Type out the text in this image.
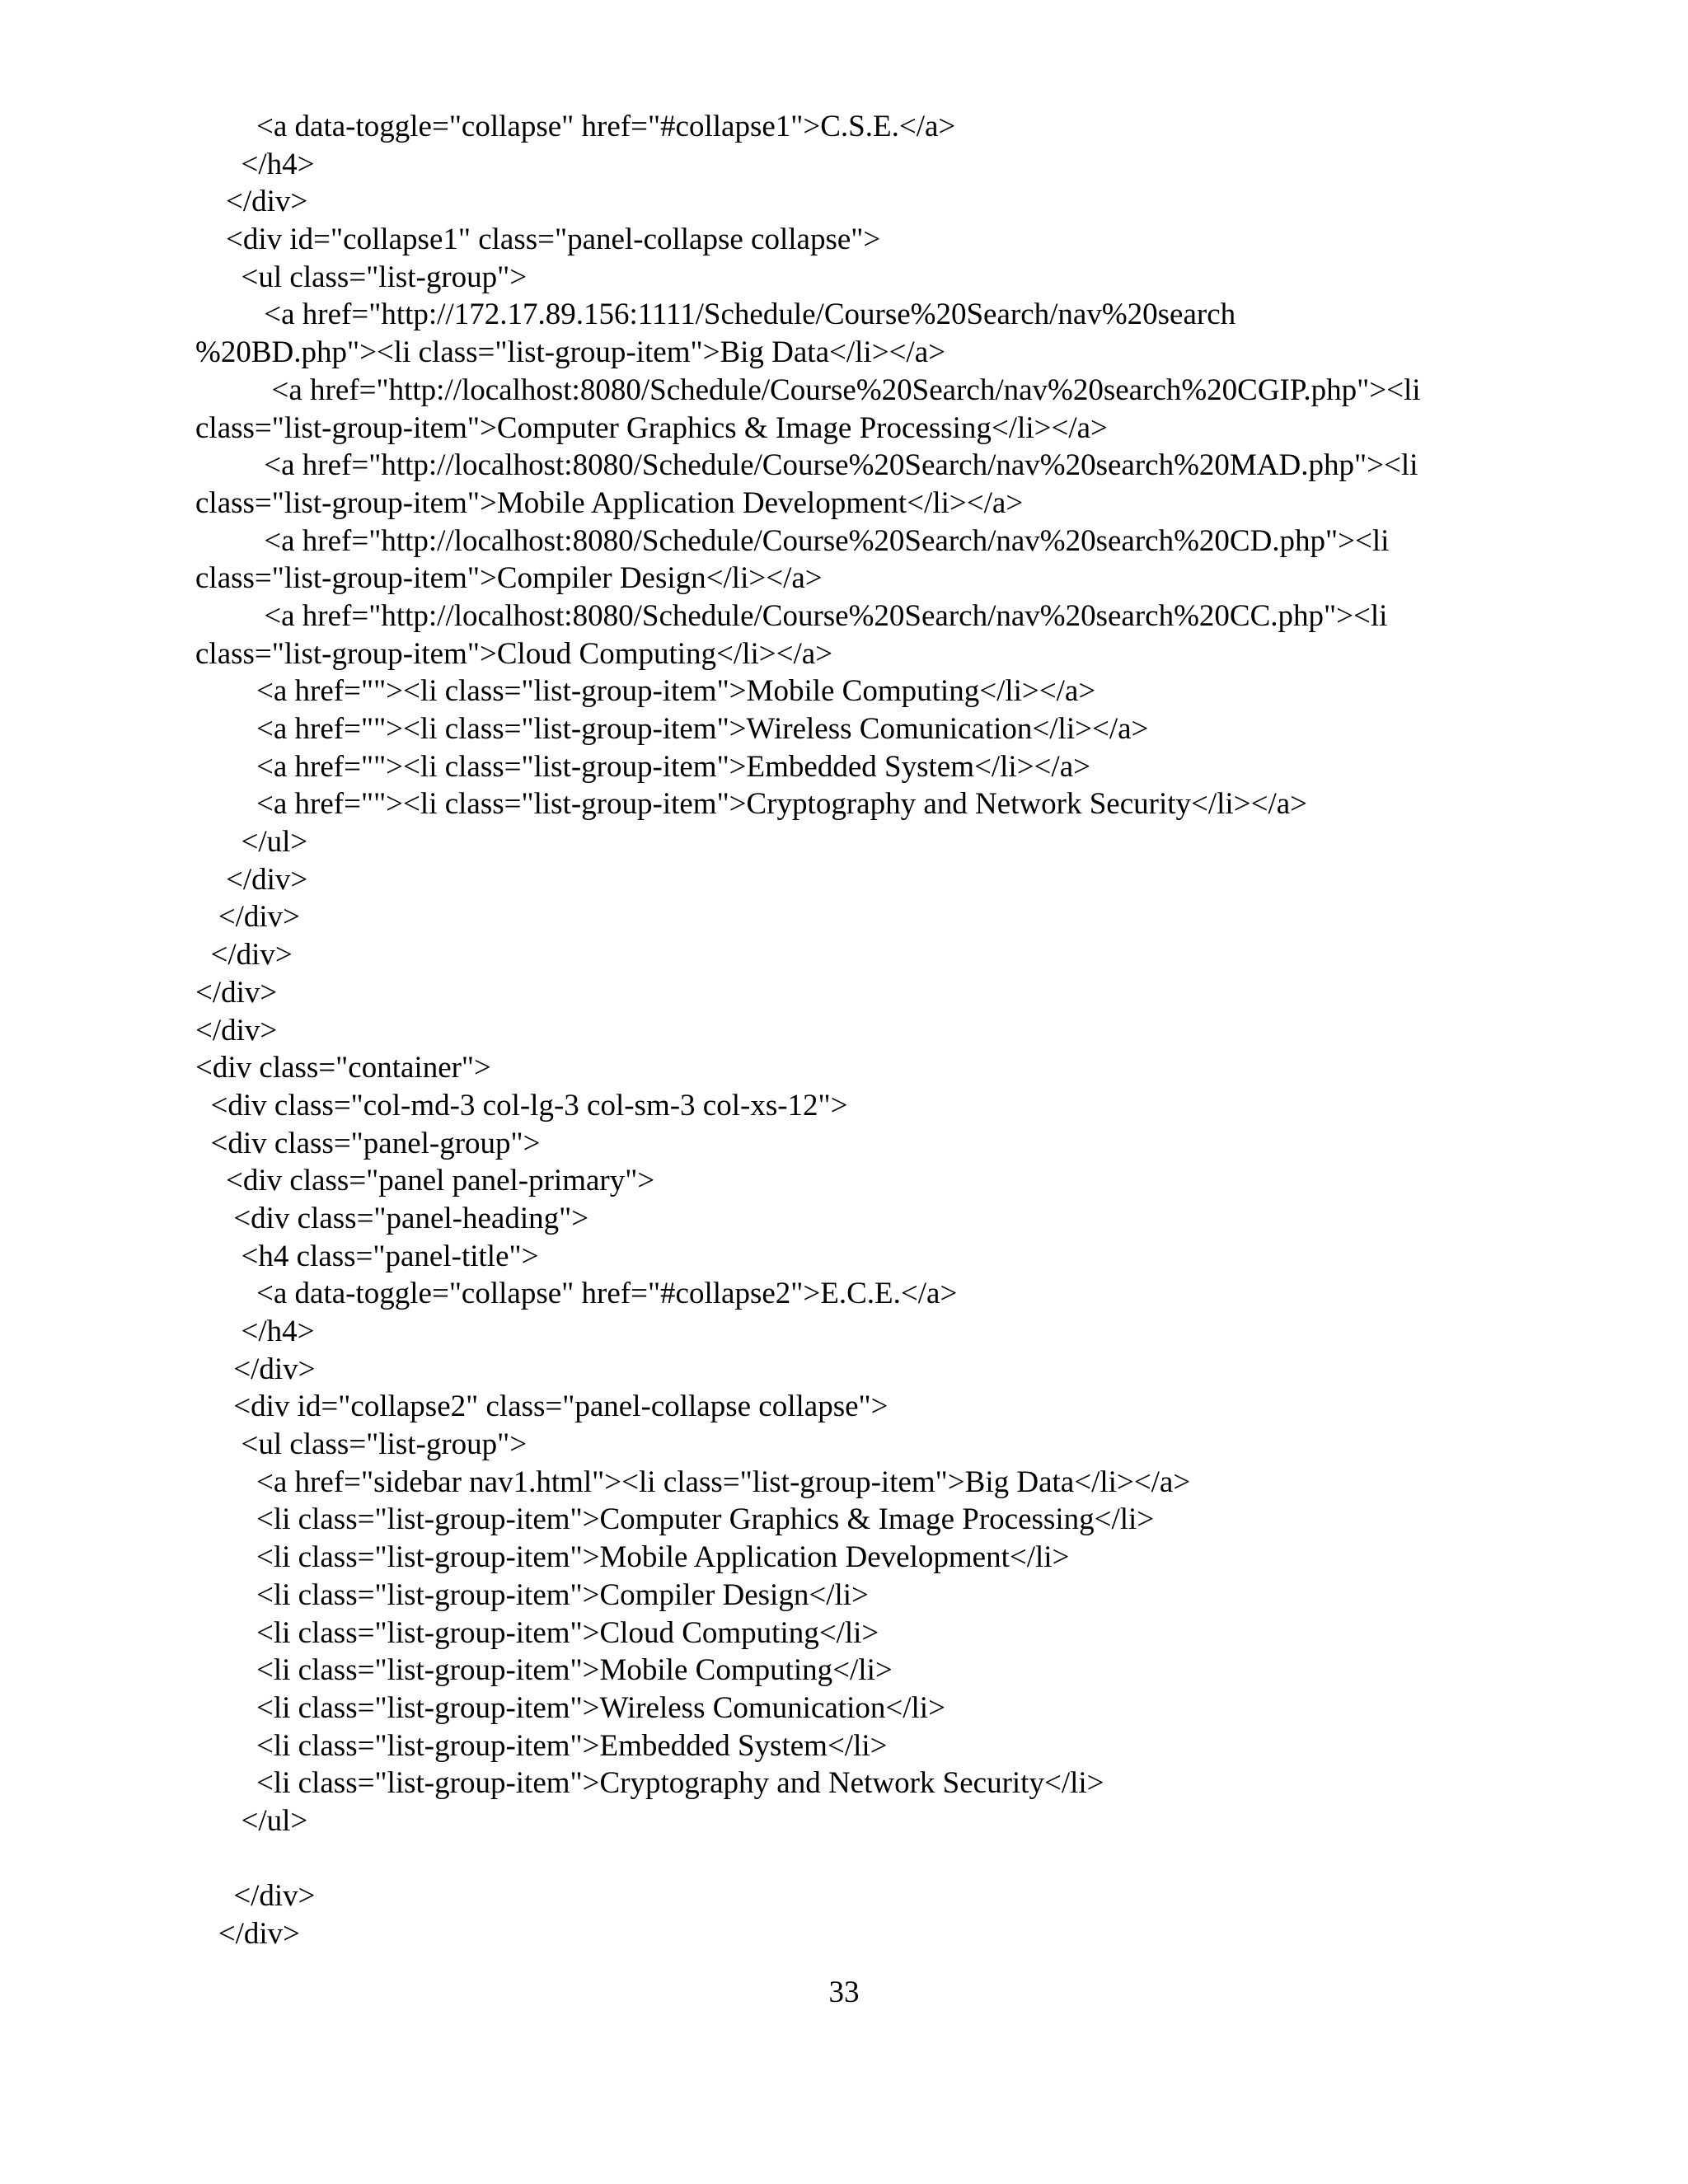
<a data-toggle="collapse" href="#collapse1">C.S.E.</a>
</h4>
</div>
<div id="collapse1" class="panel-collapse collapse">
<ul class="list-group">
<a href="http://172.17.89.156:1111/Schedule/Course%20Search/nav%20search
%20BD.php"><li class="list-group-item">Big Data</li></a>
<a href="http://localhost:8080/Schedule/Course%20Search/nav%20search%20CGIP.php"><li
class="list-group-item">Computer Graphics & Image Processing</li></a>
<a href="http://localhost:8080/Schedule/Course%20Search/nav%20search%20MAD.php"><li
class="list-group-item">Mobile Application Development</li></a>
<a href="http://localhost:8080/Schedule/Course%20Search/nav%20search%20CD.php"><li
class="list-group-item">Compiler Design</li></a>
<a href="http://localhost:8080/Schedule/Course%20Search/nav%20search%20CC.php"><li
class="list-group-item">Cloud Computing</li></a>
<a href=""><li class="list-group-item">Mobile Computing</li></a>
<a href=""><li class="list-group-item">Wireless Comunication</li></a>
<a href=""><li class="list-group-item">Embedded System</li></a>
<a href=""><li class="list-group-item">Cryptography and Network Security</li></a>
</ul>
</div>
</div>
</div>
</div>
</div>
<div class="container">
<div class="col-md-3 col-lg-3 col-sm-3 col-xs-12">
<div class="panel-group">
<div class="panel panel-primary">
<div class="panel-heading">
<h4 class="panel-title">
<a data-toggle="collapse" href="#collapse2">E.C.E.</a>
</h4>
</div>
<div id="collapse2" class="panel-collapse collapse">
<ul class="list-group">
<a href="sidebar nav1.html"><li class="list-group-item">Big Data</li></a>
<li class="list-group-item">Computer Graphics & Image Processing</li>
<li class="list-group-item">Mobile Application Development</li>
<li class="list-group-item">Compiler Design</li>
<li class="list-group-item">Cloud Computing</li>
<li class="list-group-item">Mobile Computing</li>
<li class="list-group-item">Wireless Comunication</li>
<li class="list-group-item">Embedded System</li>
<li class="list-group-item">Cryptography and Network Security</li>
</ul>
</div>
</div>
33
